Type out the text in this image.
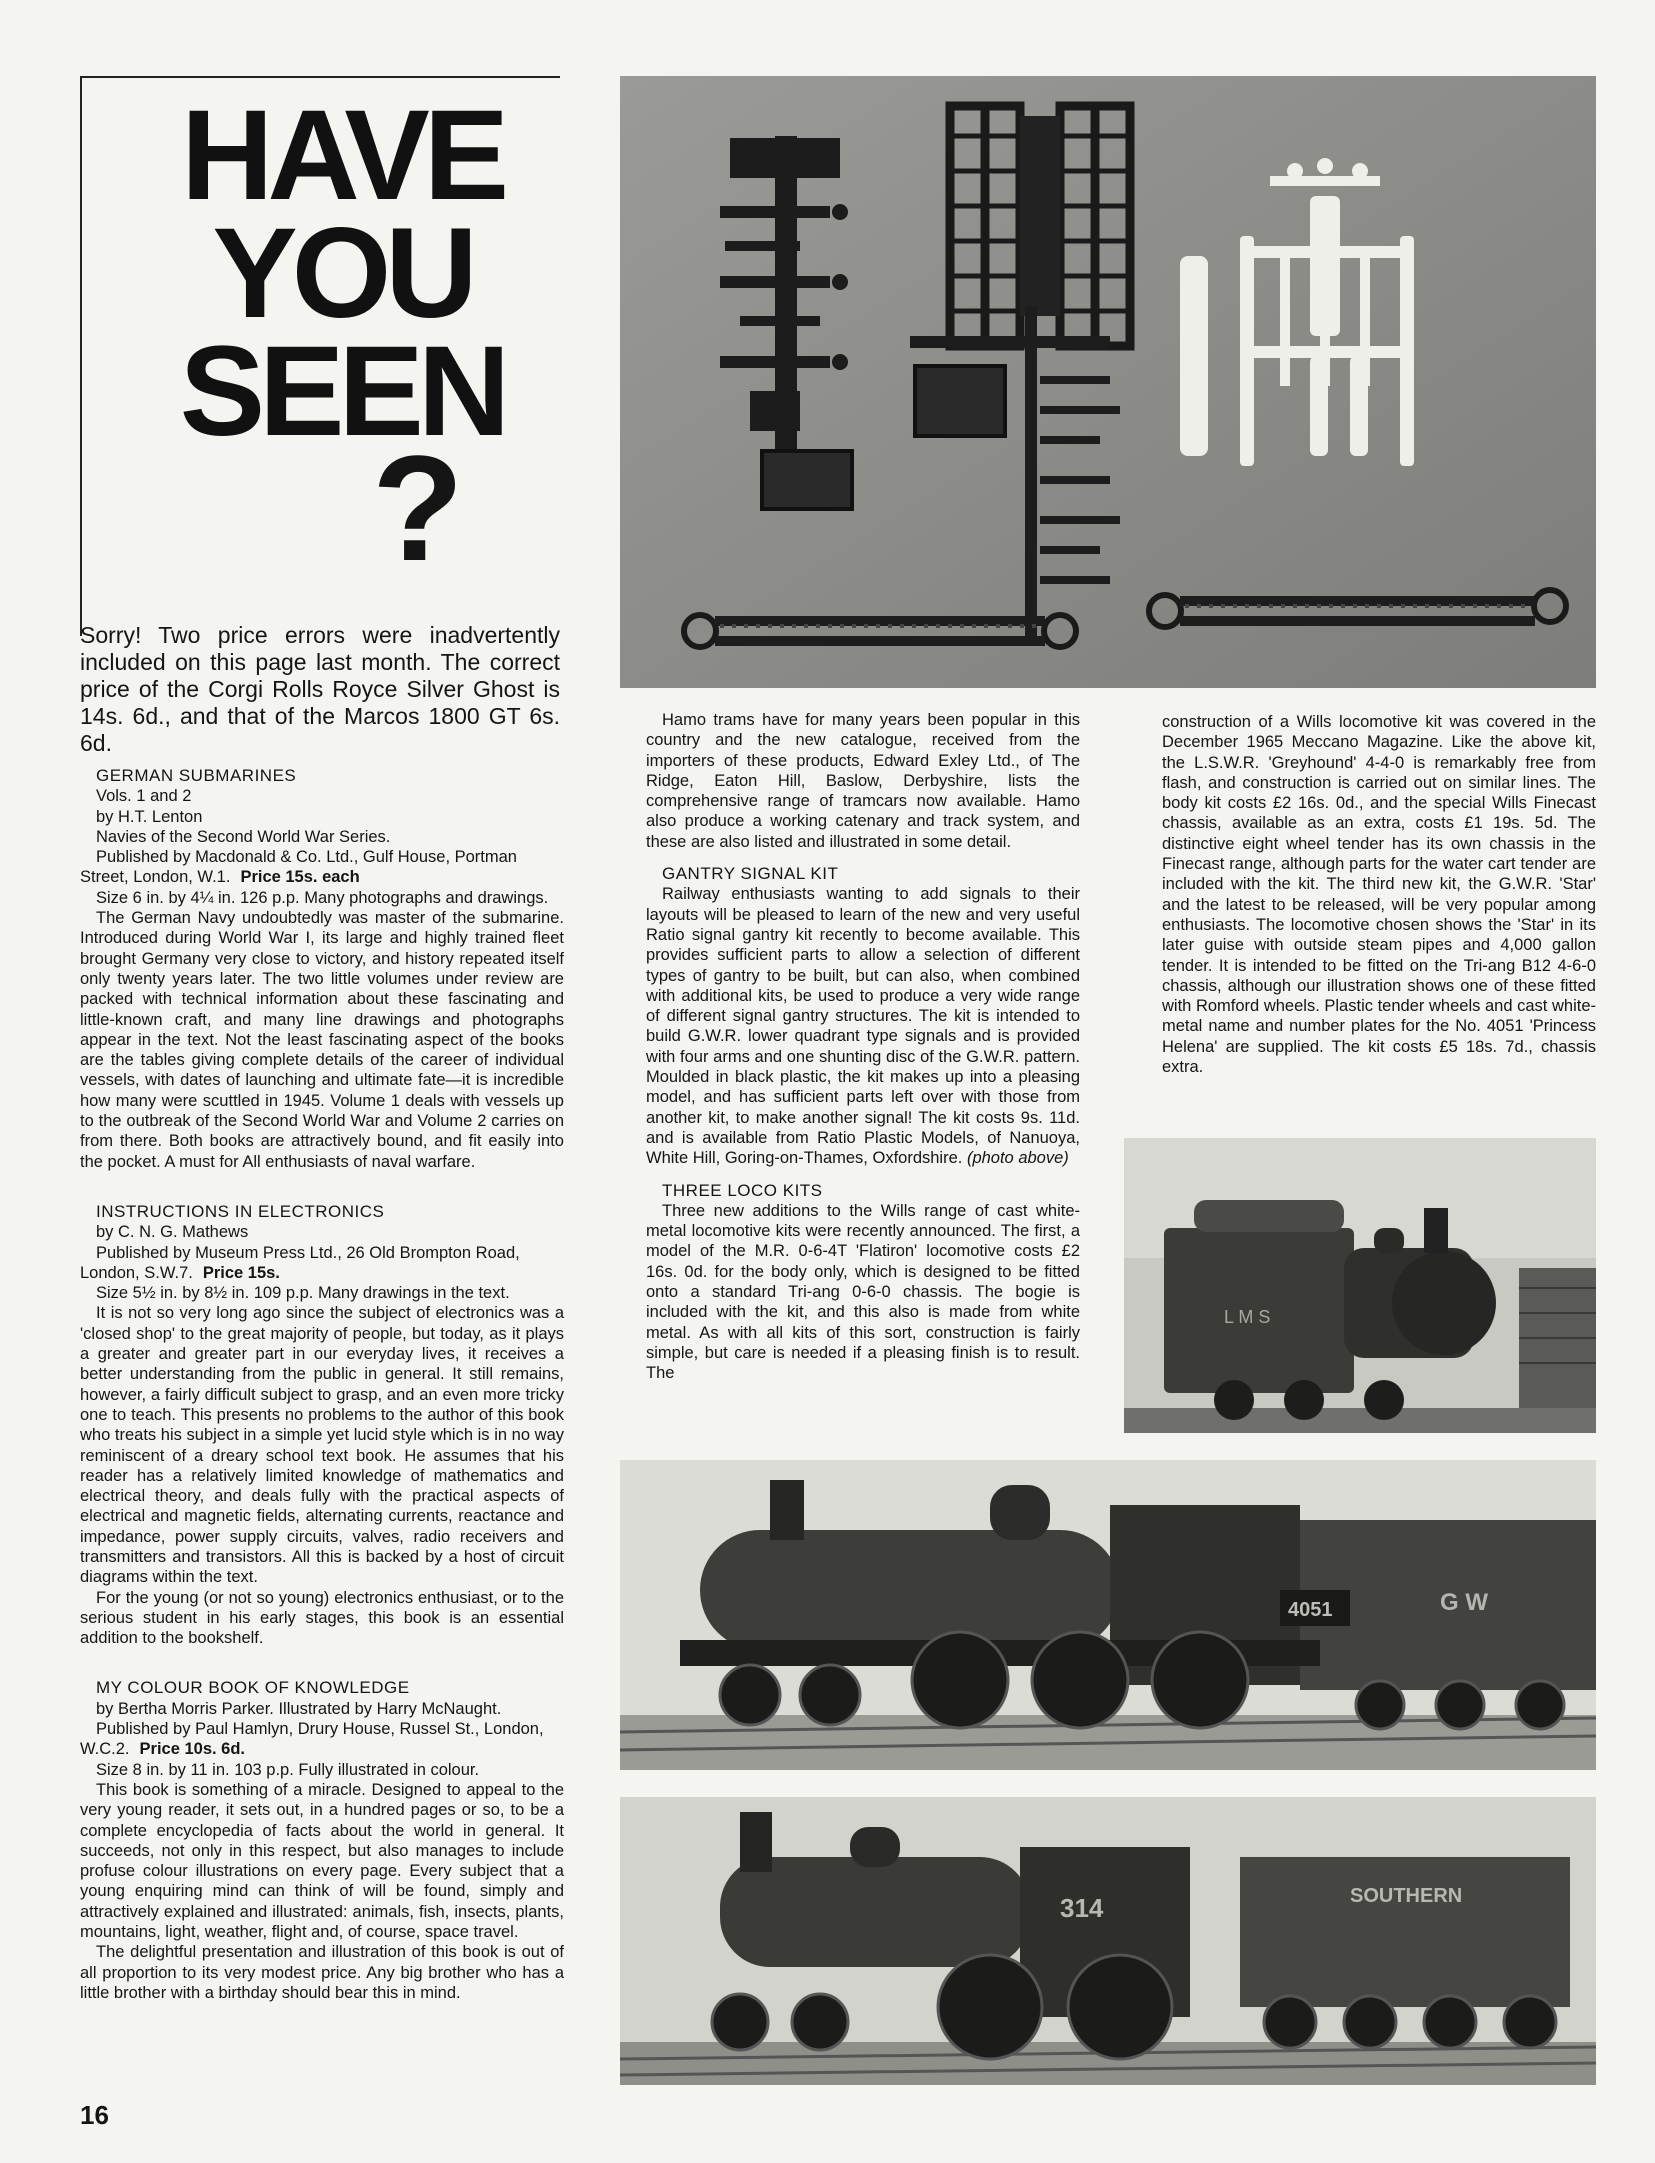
HAVE
YOU
SEEN
?
Sorry! Two price errors were inadvertently included on this page last month. The correct price of the Corgi Rolls Royce Silver Ghost is 14s. 6d., and that of the Marcos 1800 GT 6s. 6d.

GERMAN SUBMARINES

Vols. 1 and 2

by H.T. Lenton

Navies of the Second World War Series.

Published by Macdonald & Co. Ltd., Gulf House, Portman Street, London, W.1. Price 15s. each

Size 6 in. by 4¼ in. 126 p.p. Many photographs and drawings.

The German Navy undoubtedly was master of the submarine. Introduced during World War I, its large and highly trained fleet brought Germany very close to victory, and history repeated itself only twenty years later. The two little volumes under review are packed with technical information about these fascinating and little-known craft, and many line drawings and photographs appear in the text. Not the least fascinating aspect of the books are the tables giving complete details of the career of individual vessels, with dates of launching and ultimate fate—it is incredible how many were scuttled in 1945. Volume 1 deals with vessels up to the outbreak of the Second World War and Volume 2 carries on from there. Both books are attractively bound, and fit easily into the pocket. A must for All enthusiasts of naval warfare.

INSTRUCTIONS IN ELECTRONICS

by C. N. G. Mathews

Published by Museum Press Ltd., 26 Old Brompton Road, London, S.W.7. Price 15s.

Size 5½ in. by 8½ in. 109 p.p. Many drawings in the text.

It is not so very long ago since the subject of electronics was a 'closed shop' to the great majority of people, but today, as it plays a greater and greater part in our everyday lives, it receives a better understanding from the public in general. It still remains, however, a fairly difficult subject to grasp, and an even more tricky one to teach. This presents no problems to the author of this book who treats his subject in a simple yet lucid style which is in no way reminiscent of a dreary school text book. He assumes that his reader has a relatively limited knowledge of mathematics and electrical theory, and deals fully with the practical aspects of electrical and magnetic fields, alternating currents, reactance and impedance, power supply circuits, valves, radio receivers and transmitters and transistors. All this is backed by a host of circuit diagrams within the text.

For the young (or not so young) electronics enthusiast, or to the serious student in his early stages, this book is an essential addition to the bookshelf.

MY COLOUR BOOK OF KNOWLEDGE

by Bertha Morris Parker. Illustrated by Harry McNaught.

Published by Paul Hamlyn, Drury House, Russel St., London, W.C.2. Price 10s. 6d.

Size 8 in. by 11 in. 103 p.p. Fully illustrated in colour.

This book is something of a miracle. Designed to appeal to the very young reader, it sets out, in a hundred pages or so, to be a complete encyclopedia of facts about the world in general. It succeeds, not only in this respect, but also manages to include profuse colour illustrations on every page. Every subject that a young enquiring mind can think of will be found, simply and attractively explained and illustrated: animals, fish, insects, plants, mountains, light, weather, flight and, of course, space travel.

The delightful presentation and illustration of this book is out of all proportion to its very modest price. Any big brother who has a little brother with a birthday should bear this in mind.

Hamo trams have for many years been popular in this country and the new catalogue, received from the importers of these products, Edward Exley Ltd., of The Ridge, Eaton Hill, Baslow, Derbyshire, lists the comprehensive range of tramcars now available. Hamo also produce a working catenary and track system, and these are also listed and illustrated in some detail.

GANTRY SIGNAL KIT

Railway enthusiasts wanting to add signals to their layouts will be pleased to learn of the new and very useful Ratio signal gantry kit recently to become available. This provides sufficient parts to allow a selection of different types of gantry to be built, but can also, when combined with additional kits, be used to produce a very wide range of different signal gantry structures. The kit is intended to build G.W.R. lower quadrant type signals and is provided with four arms and one shunting disc of the G.W.R. pattern. Moulded in black plastic, the kit makes up into a pleasing model, and has sufficient parts left over with those from another kit, to make another signal! The kit costs 9s. 11d. and is available from Ratio Plastic Models, of Nanuoya, White Hill, Goring-on-Thames, Oxfordshire. (photo above)

THREE LOCO KITS

Three new additions to the Wills range of cast white-metal locomotive kits were recently announced. The first, a model of the M.R. 0-6-4T 'Flatiron' locomotive costs £2 16s. 0d. for the body only, which is designed to be fitted onto a standard Tri-ang 0-6-0 chassis. The bogie is included with the kit, and this also is made from white metal. As with all kits of this sort, construction is fairly simple, but care is needed if a pleasing finish is to result. The

construction of a Wills locomotive kit was covered in the December 1965 Meccano Magazine. Like the above kit, the L.S.W.R. 'Greyhound' 4-4-0 is remarkably free from flash, and construction is carried out on similar lines. The body kit costs £2 16s. 0d., and the special Wills Finecast chassis, available as an extra, costs £1 19s. 5d. The distinctive eight wheel tender has its own chassis in the Finecast range, although parts for the water cart tender are included with the kit. The third new kit, the G.W.R. 'Star' and the latest to be released, will be very popular among enthusiasts. The locomotive chosen shows the 'Star' in its later guise with outside steam pipes and 4,000 gallon tender. It is intended to be fitted on the Tri-ang B12 4-6-0 chassis, although our illustration shows one of these fitted with Romford wheels. Plastic tender wheels and cast white-metal name and number plates for the No. 4051 'Princess Helena' are supplied. The kit costs £5 18s. 7d., chassis extra.

L M S
4051	G W
314	SOUTHERN
16
